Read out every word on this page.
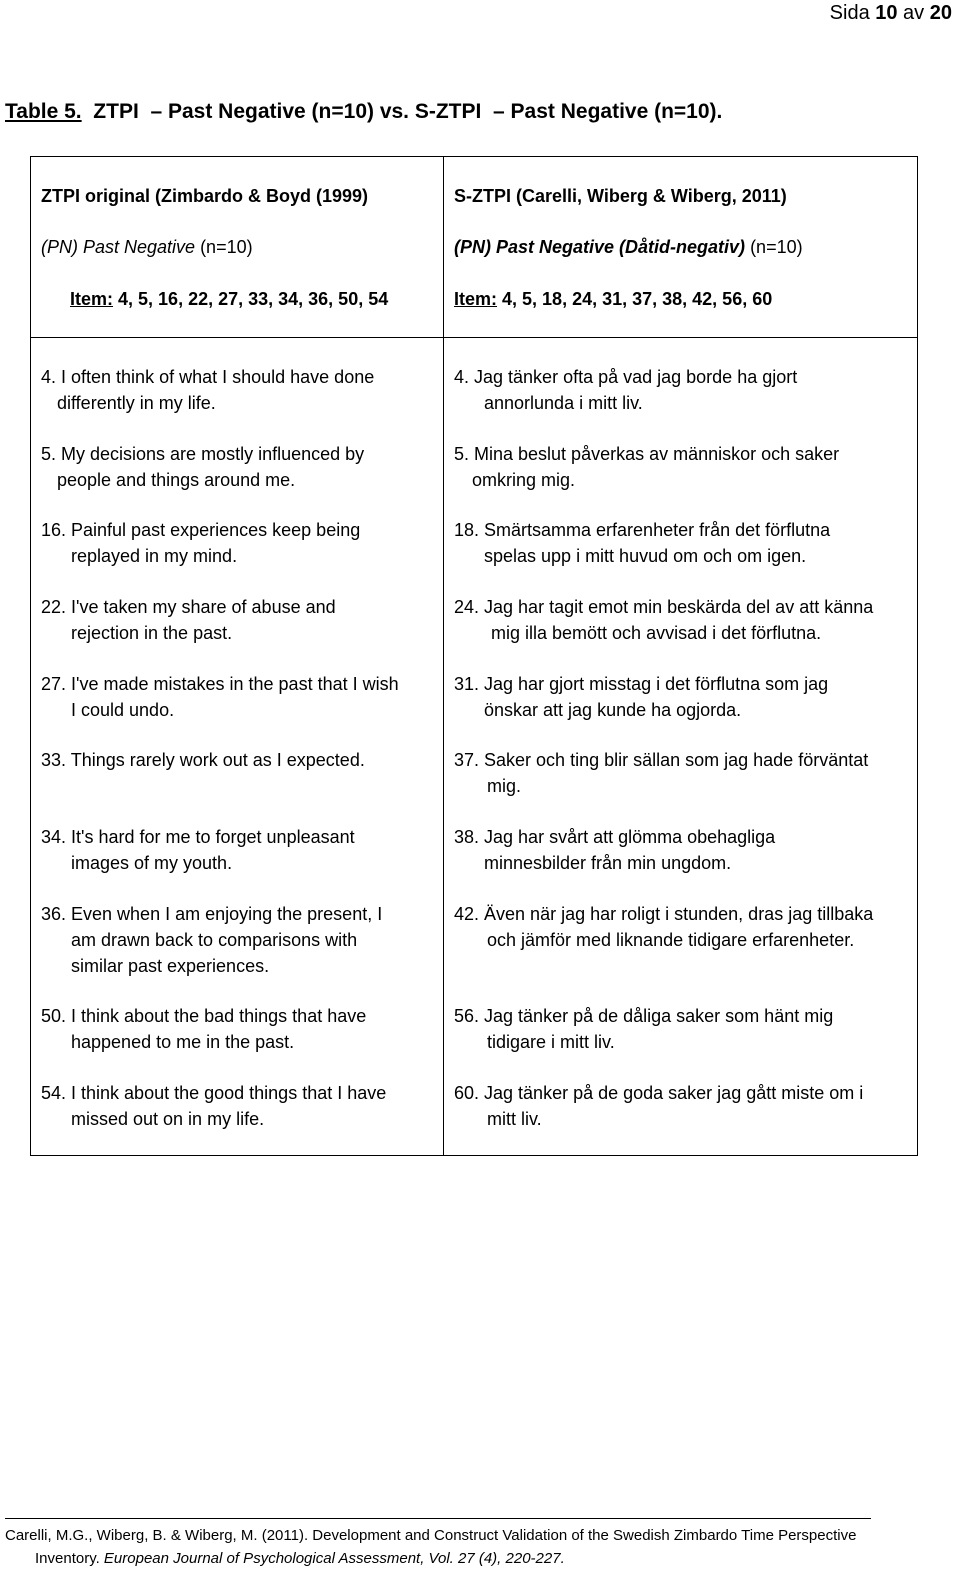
Sida 10 av 20
Table 5.  ZTPI  – Past Negative (n=10) vs. S-ZTPI  – Past Negative (n=10).
ZTPI original (Zimbardo & Boyd (1999)
(PN) Past Negative (n=10)
Item: 4, 5, 16, 22, 27, 33, 34, 36, 50, 54
S-ZTPI (Carelli, Wiberg & Wiberg, 2011)
(PN) Past Negative (Dåtid-negativ) (n=10)
Item: 4, 5, 18, 24, 31, 37, 38, 42, 56, 60
4. I often think of what I should have done
differently in my life.
5. My decisions are mostly influenced by
people and things around me.
16. Painful past experiences keep being
replayed in my mind.
22. I've taken my share of abuse and
rejection in the past.
27. I've made mistakes in the past that I wish
I could undo.
33. Things rarely work out as I expected.
34. It's hard for me to forget unpleasant
images of my youth.
36. Even when I am enjoying the present, I
am drawn back to comparisons with
similar past experiences.
50. I think about the bad things that have
happened to me in the past.
54. I think about the good things that I have
missed out on in my life.
4. Jag tänker ofta på vad jag borde ha gjort
annorlunda i mitt liv.
5. Mina beslut påverkas av människor och saker
omkring mig.
18. Smärtsamma erfarenheter från det förflutna
spelas upp i mitt huvud om och om igen.
24. Jag har tagit emot min beskärda del av att känna
mig illa bemött och avvisad i det förflutna.
31. Jag har gjort misstag i det förflutna som jag
önskar att jag kunde ha ogjorda.
37. Saker och ting blir sällan som jag hade förväntat
mig.
38. Jag har svårt att glömma obehagliga
minnesbilder från min ungdom.
42. Även när jag har roligt i stunden, dras jag tillbaka
och jämför med liknande tidigare erfarenheter.
56. Jag tänker på de dåliga saker som hänt mig
tidigare i mitt liv.
60. Jag tänker på de goda saker jag gått miste om i
mitt liv.
Carelli, M.G., Wiberg, B. & Wiberg, M. (2011). Development and Construct Validation of the Swedish Zimbardo Time Perspective
Inventory. European Journal of Psychological Assessment, Vol. 27 (4), 220-227.
